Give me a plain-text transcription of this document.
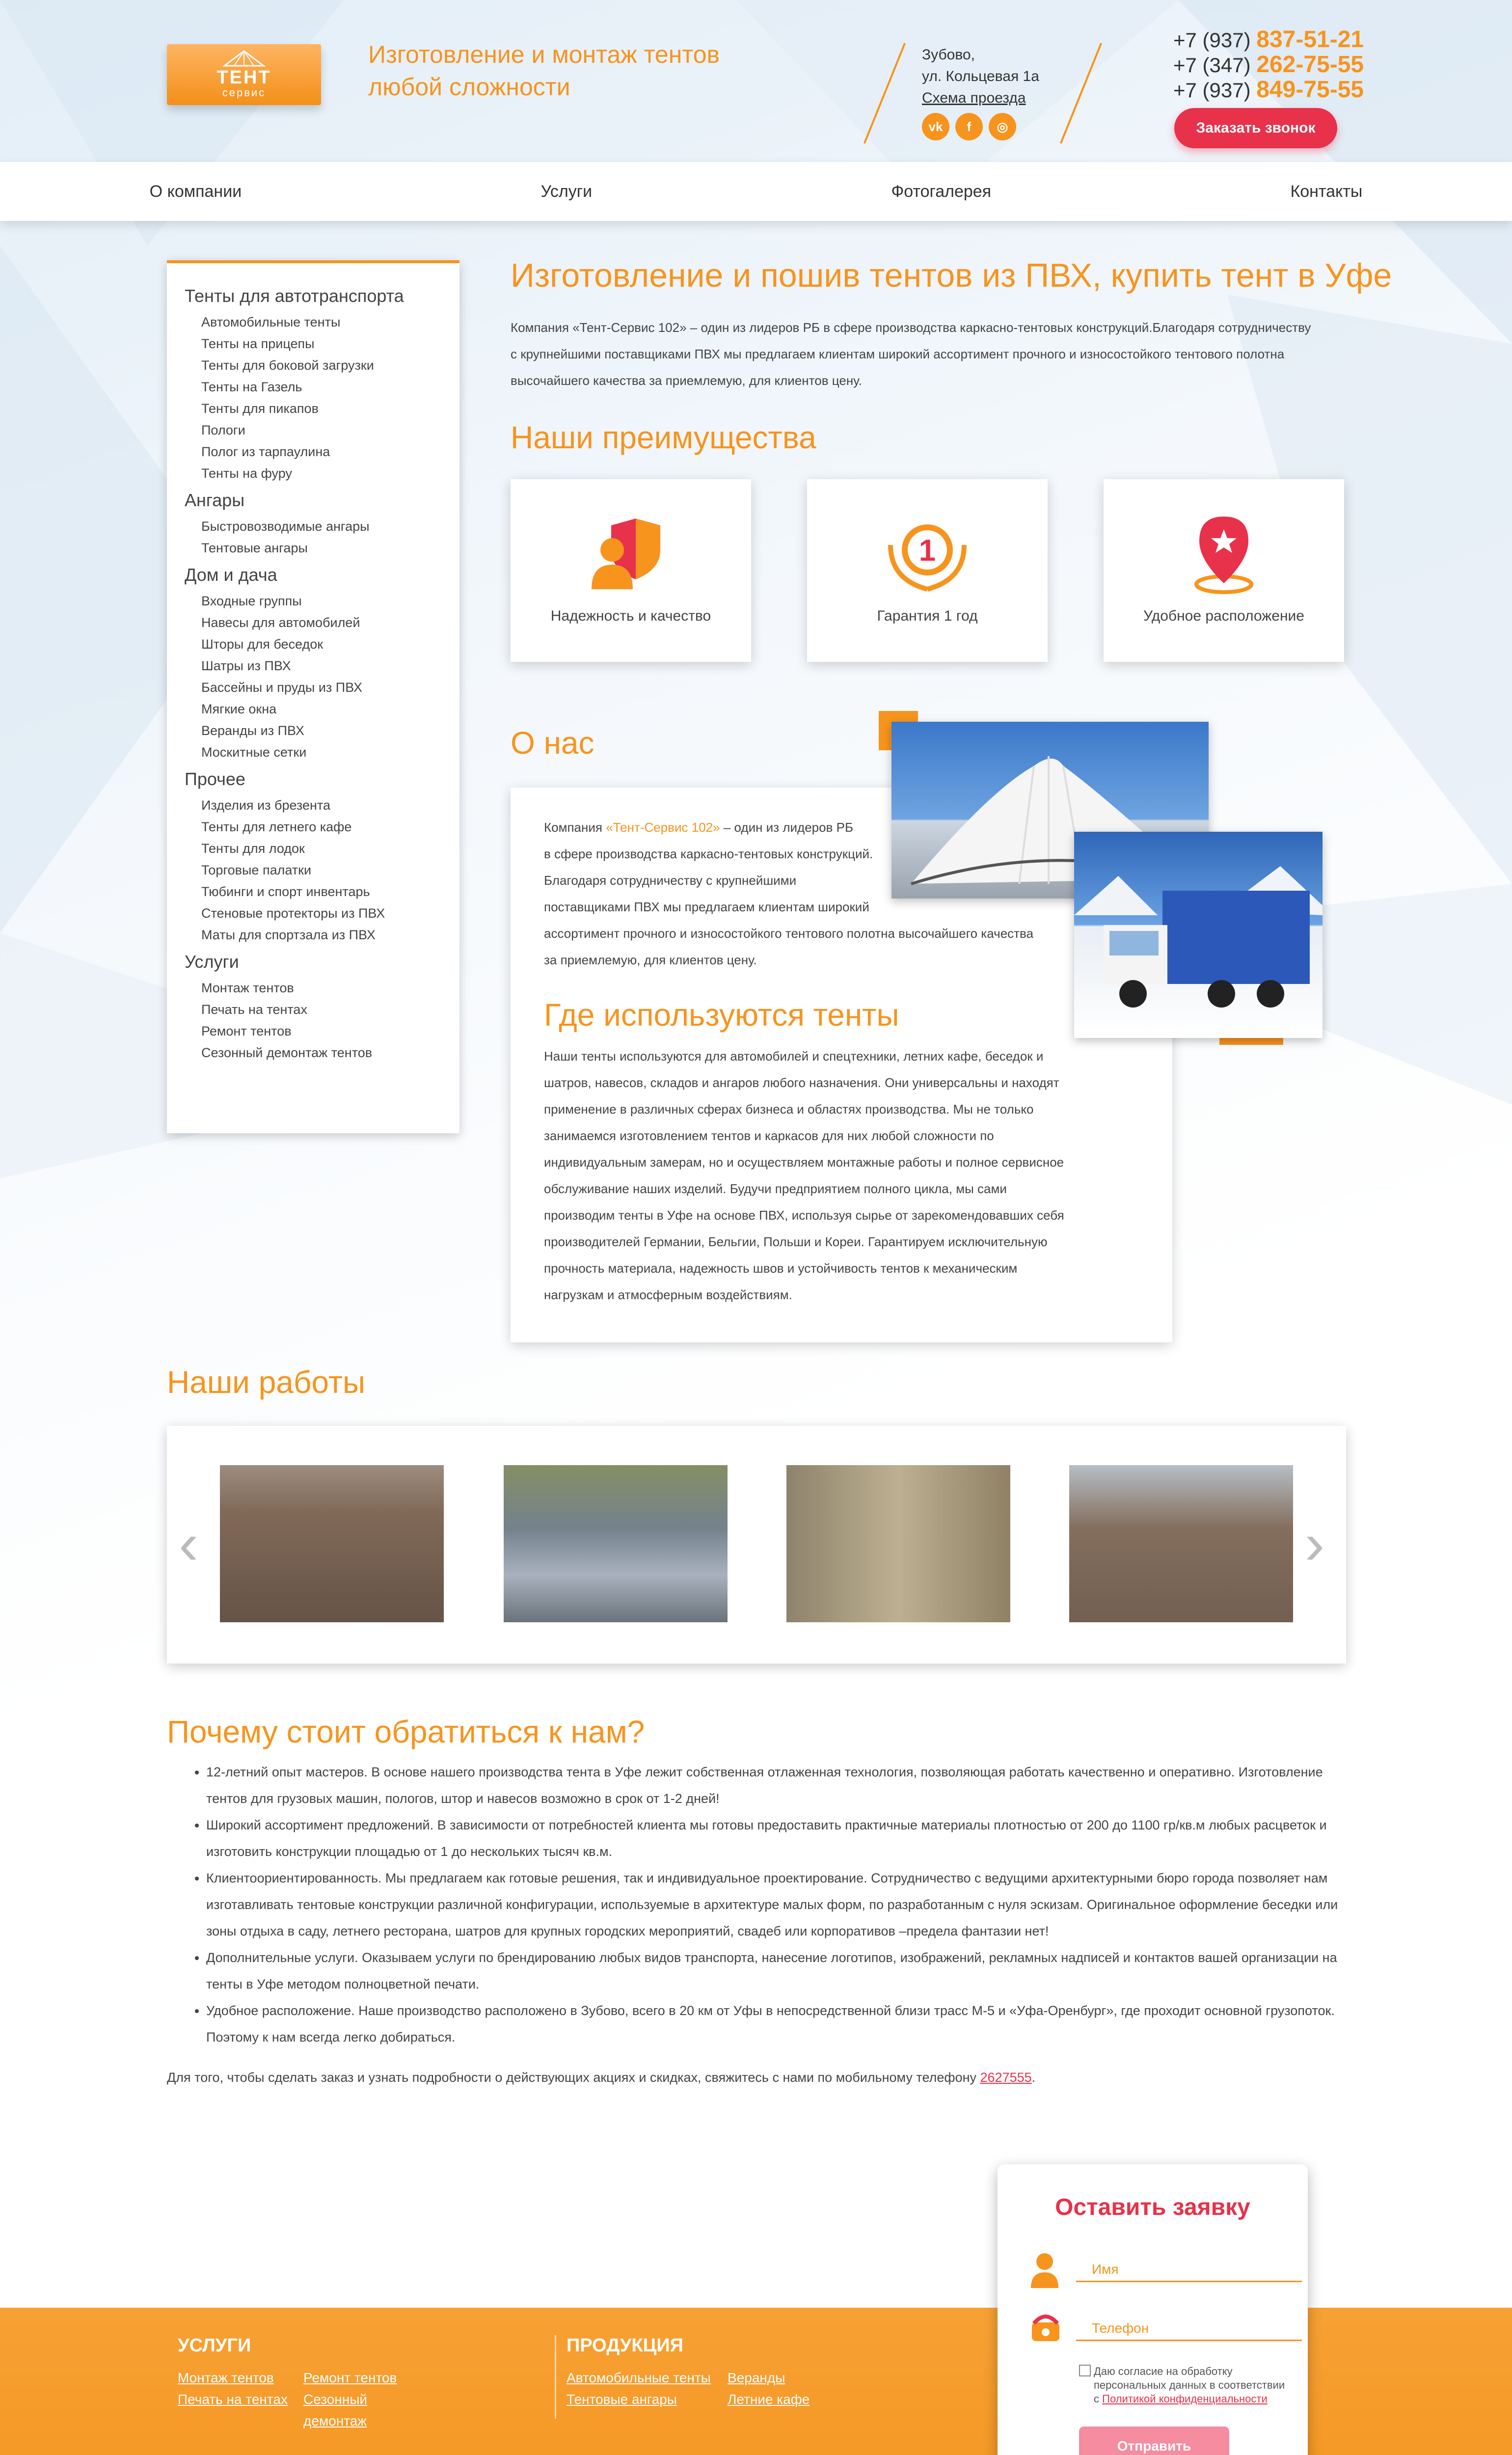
ТЕНТ
сервис
Изготовление и монтаж тентов любой сложности
Зубово,
ул. Кольцевая 1а
Схема проезда
vk	f	◎
+7 (937) 837-51-21
+7 (347) 262-75-55
+7 (937) 849-75-55
Заказать звонок
О компании	Услуги	Фотогалерея	Контакты
Тенты для автотранспорта
Автомобильные тенты
Тенты на прицепы
Тенты для боковой загрузки
Тенты на Газель
Тенты для пикапов
Пологи
Полог из тарпаулина
Тенты на фуру
Ангары
Быстровозводимые ангары
Тентовые ангары
Дом и дача
Входные группы
Навесы для автомобилей
Шторы для беседок
Шатры из ПВХ
Бассейны и пруды из ПВХ
Мягкие окна
Веранды из ПВХ
Москитные сетки
Прочее
Изделия из брезента
Тенты для летнего кафе
Тенты для лодок
Торговые палатки
Тюбинги и спорт инвентарь
Стеновые протекторы из ПВХ
Маты для спортзала из ПВХ
Услуги
Монтаж тентов
Печать на тентах
Ремонт тентов
Сезонный демонтаж тентов
Изготовление и пошив тентов из ПВХ, купить тент в Уфе
Компания «Тент-Сервис 102» – один из лидеров РБ в сфере производства каркасно-тентовых конструкций.Благодаря сотрудничеству
с крупнейшими поставщиками ПВХ мы предлагаем клиентам широкий ассортимент прочного и износостойкого тентового полотна
высочайшего качества за приемлемую, для клиентов цену.
Наши преимущества
Надежность и качество
1
Гарантия 1 год	Удобное расположение
О нас
Компания «Тент-Сервис 102» – один из лидеров РБ
в сфере производства каркасно-тентовых конструкций.
Благодаря сотрудничеству с крупнейшими
поставщиками ПВХ мы предлагаем клиентам широкий
ассортимент прочного и износостойкого тентового полотна высочайшего качества
за приемлемую, для клиентов цену.
Где используются тенты
Наши тенты используются для автомобилей и спецтехники, летних кафе, беседок и
шатров, навесов, складов и ангаров любого назначения. Они универсальны и находят
применение в различных сферах бизнеса и областях производства. Мы не только
занимаемся изготовлением тентов и каркасов для них любой сложности по
индивидуальным замерам, но и осуществляем монтажные работы и полное сервисное
обслуживание наших изделий. Будучи предприятием полного цикла, мы сами
производим тенты в Уфе на основе ПВХ, используя сырье от зарекомендовавших себя
производителей Германии, Бельгии, Польши и Кореи. Гарантируем исключительную
прочность материала, надежность швов и устойчивость тентов к механическим
нагрузкам и атмосферным воздействиям.
Наши работы
‹	›
Почему стоит обратиться к нам?
• 12-летний опыт мастеров. В основе нашего производства тента в Уфе лежит собственная отлаженная технология, позволяющая работать качественно и оперативно. Изготовление
тентов для грузовых машин, пологов, штор и навесов возможно в срок от 1-2 дней!
• Широкий ассортимент предложений. В зависимости от потребностей клиента мы готовы предоставить практичные материалы плотностью от 200 до 1100 гр/кв.м любых расцветок и
изготовить конструкции площадью от 1 до нескольких тысяч кв.м.
• Клиентоориентированность. Мы предлагаем как готовые решения, так и индивидуальное проектирование. Сотрудничество с ведущими архитектурными бюро города позволяет нам
изготавливать тентовые конструкции различной конфигурации, используемые в архитектуре малых форм, по разработанным с нуля эскизам. Оригинальное оформление беседки или
зоны отдыха в саду, летнего ресторана, шатров для крупных городских мероприятий, свадеб или корпоративов –предела фантазии нет!
• Дополнительные услуги. Оказываем услуги по брендированию любых видов транспорта, нанесение логотипов, изображений, рекламных надписей и контактов вашей организации на
тенты в Уфе методом полноцветной печати.
• Удобное расположение. Наше производство расположено в Зубово, всего в 20 км от Уфы в непосредственной близи трасс М-5 и «Уфа-Оренбург», где проходит основной грузопоток.
Поэтому к нам всегда легко добираться.
Для того, чтобы сделать заказ и узнать подробности о действующих акциях и скидках, свяжитесь с нами по мобильному телефону 2627555.
УСЛУГИ
Монтаж тентов	Ремонт тентов
Печать на тентах	Сезонный демонтаж
ПРОДУКЦИЯ
Автомобильные тенты	Веранды
Тентовые ангары	Летние кафе
Оставить заявку
Имя
Телефон
Даю согласие на обработку
персональных данных в соответствии
с Политикой конфиденциальности
Отправить
